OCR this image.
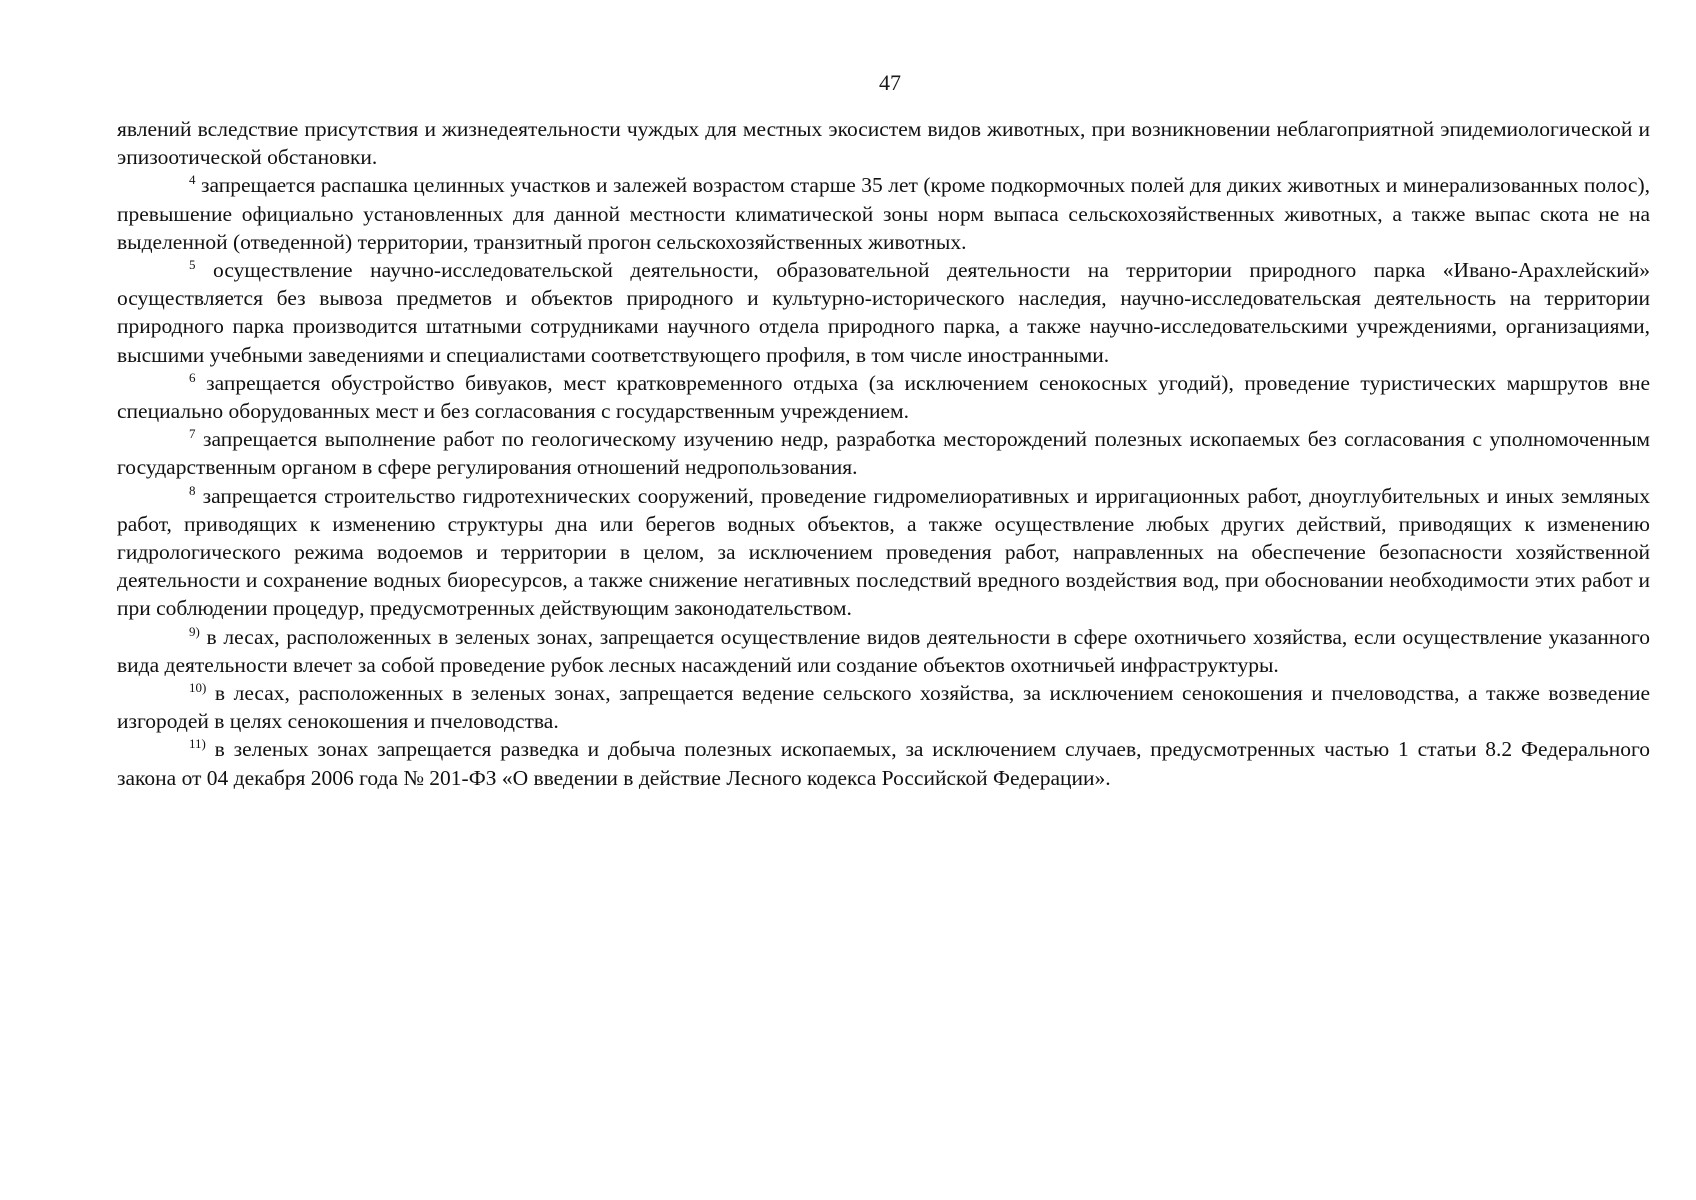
47

явлений вследствие присутствия и жизнедеятельности чуждых для местных экосистем видов животных, при возникновении неблагоприятной эпидемиологической и эпизоотической обстановки.

$^4$ запрещается распашка целинных участков и залежей возрастом старше 35 лет (кроме подкормочных полей для диких животных и минерализованных полос), превышение официально установленных для данной местности климатической зоны норм выпаса сельскохозяйственных животных, а также выпас скота не на выделенной (отведенной) территории, транзитный прогон сельскохозяйственных животных.

$^5$ осуществление научно-исследовательской деятельности, образовательной деятельности на территории природного парка «Ивано-Арахлейский» осуществляется без вывоза предметов и объектов природного и культурно-исторического наследия, научно-исследовательская деятельность на территории природного парка производится штатными сотрудниками научного отдела природного парка, а также научно-исследовательскими учреждениями, организациями, высшими учебными заведениями и специалистами соответствующего профиля, в том числе иностранными.

$^6$ запрещается обустройство бивуаков, мест кратковременного отдыха (за исключением сенокосных угодий), проведение туристических маршрутов вне специально оборудованных мест и без согласования с государственным учреждением.

$^7$ запрещается выполнение работ по геологическому изучению недр, разработка месторождений полезных ископаемых без согласования с уполномоченным государственным органом в сфере регулирования отношений недропользования.

$^8$ запрещается строительство гидротехнических сооружений, проведение гидромелиоративных и ирригационных работ, дноуглубительных и иных земляных работ, приводящих к изменению структуры дна или берегов водных объектов, а также осуществление любых других действий, приводящих к изменению гидрологического режима водоемов и территории в целом, за исключением проведения работ, направленных на обеспечение безопасности хозяйственной деятельности и сохранение водных биоресурсов, а также снижение негативных последствий вредного воздействия вод, при обосновании необходимости этих работ и при соблюдении процедур, предусмотренных действующим законодательством.

$^{9)}$ в лесах, расположенных в зеленых зонах, запрещается осуществление видов деятельности в сфере охотничьего хозяйства, если осуществление указанного вида деятельности влечет за собой проведение рубок лесных насаждений или создание объектов охотничьей инфраструктуры.

$^{10)}$ в лесах, расположенных в зеленых зонах, запрещается ведение сельского хозяйства, за исключением сенокошения и пчеловодства, а также возведение изгородей в целях сенокошения и пчеловодства.

$^{11)}$ в зеленых зонах запрещается разведка и добыча полезных ископаемых, за исключением случаев, предусмотренных частью 1 статьи 8.2 Федерального закона от 04 декабря 2006 года № 201-ФЗ «О введении в действие Лесного кодекса Российской Федерации».
